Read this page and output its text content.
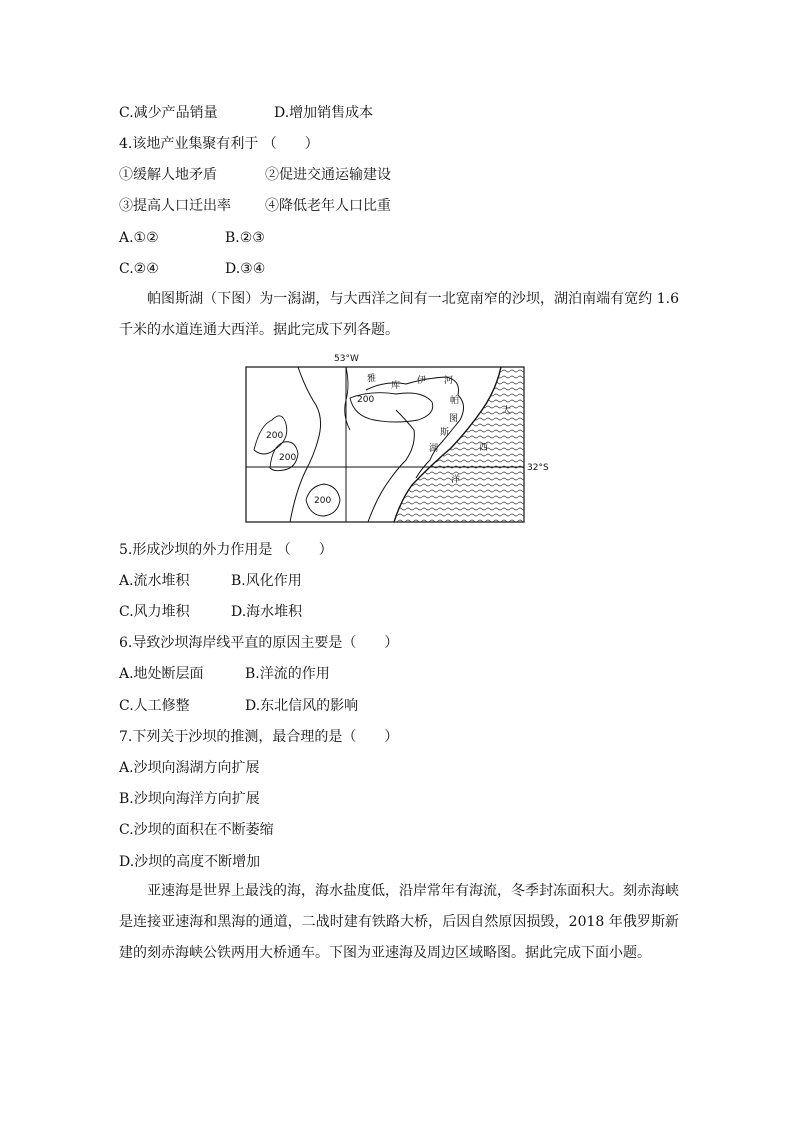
C.减少产品销量	D.增加销售成本
4.该地产业集聚有利于 （　　）
①缓解人地矛盾	②促进交通运输建设
③提高人口迁出率 ④降低老年人口比重
A.①②	B.②③
C.②④	D.③④

帕图斯湖（下图）为一潟湖，与大西洋之间有一北宽南窄的沙坝，湖泊南端有宽约 1.6 千米的水道连通大西洋。据此完成下列各题。

53°W
32°S
200
200
200
200
雅
库 伊 河
帕
图
斯
湖
大
西
洋
5.形成沙坝的外力作用是 （　　）
A.流水堆积	B.风化作用
C.风力堆积	D.海水堆积
6.导致沙坝海岸线平直的原因主要是（　　）
A.地处断层面	B.洋流的作用
C.人工修整	D.东北信风的影响
7.下列关于沙坝的推测，最合理的是（　　）
A.沙坝向潟湖方向扩展
B.沙坝向海洋方向扩展
C.沙坝的面积在不断萎缩
D.沙坝的高度不断增加

亚速海是世界上最浅的海，海水盐度低，沿岸常年有海流，冬季封冻面积大。刻赤海峡是连接亚速海和黑海的通道，二战时建有铁路大桥，后因自然原因损毁，2018 年俄罗斯新建的刻赤海峡公铁两用大桥通车。下图为亚速海及周边区域略图。据此完成下面小题。
